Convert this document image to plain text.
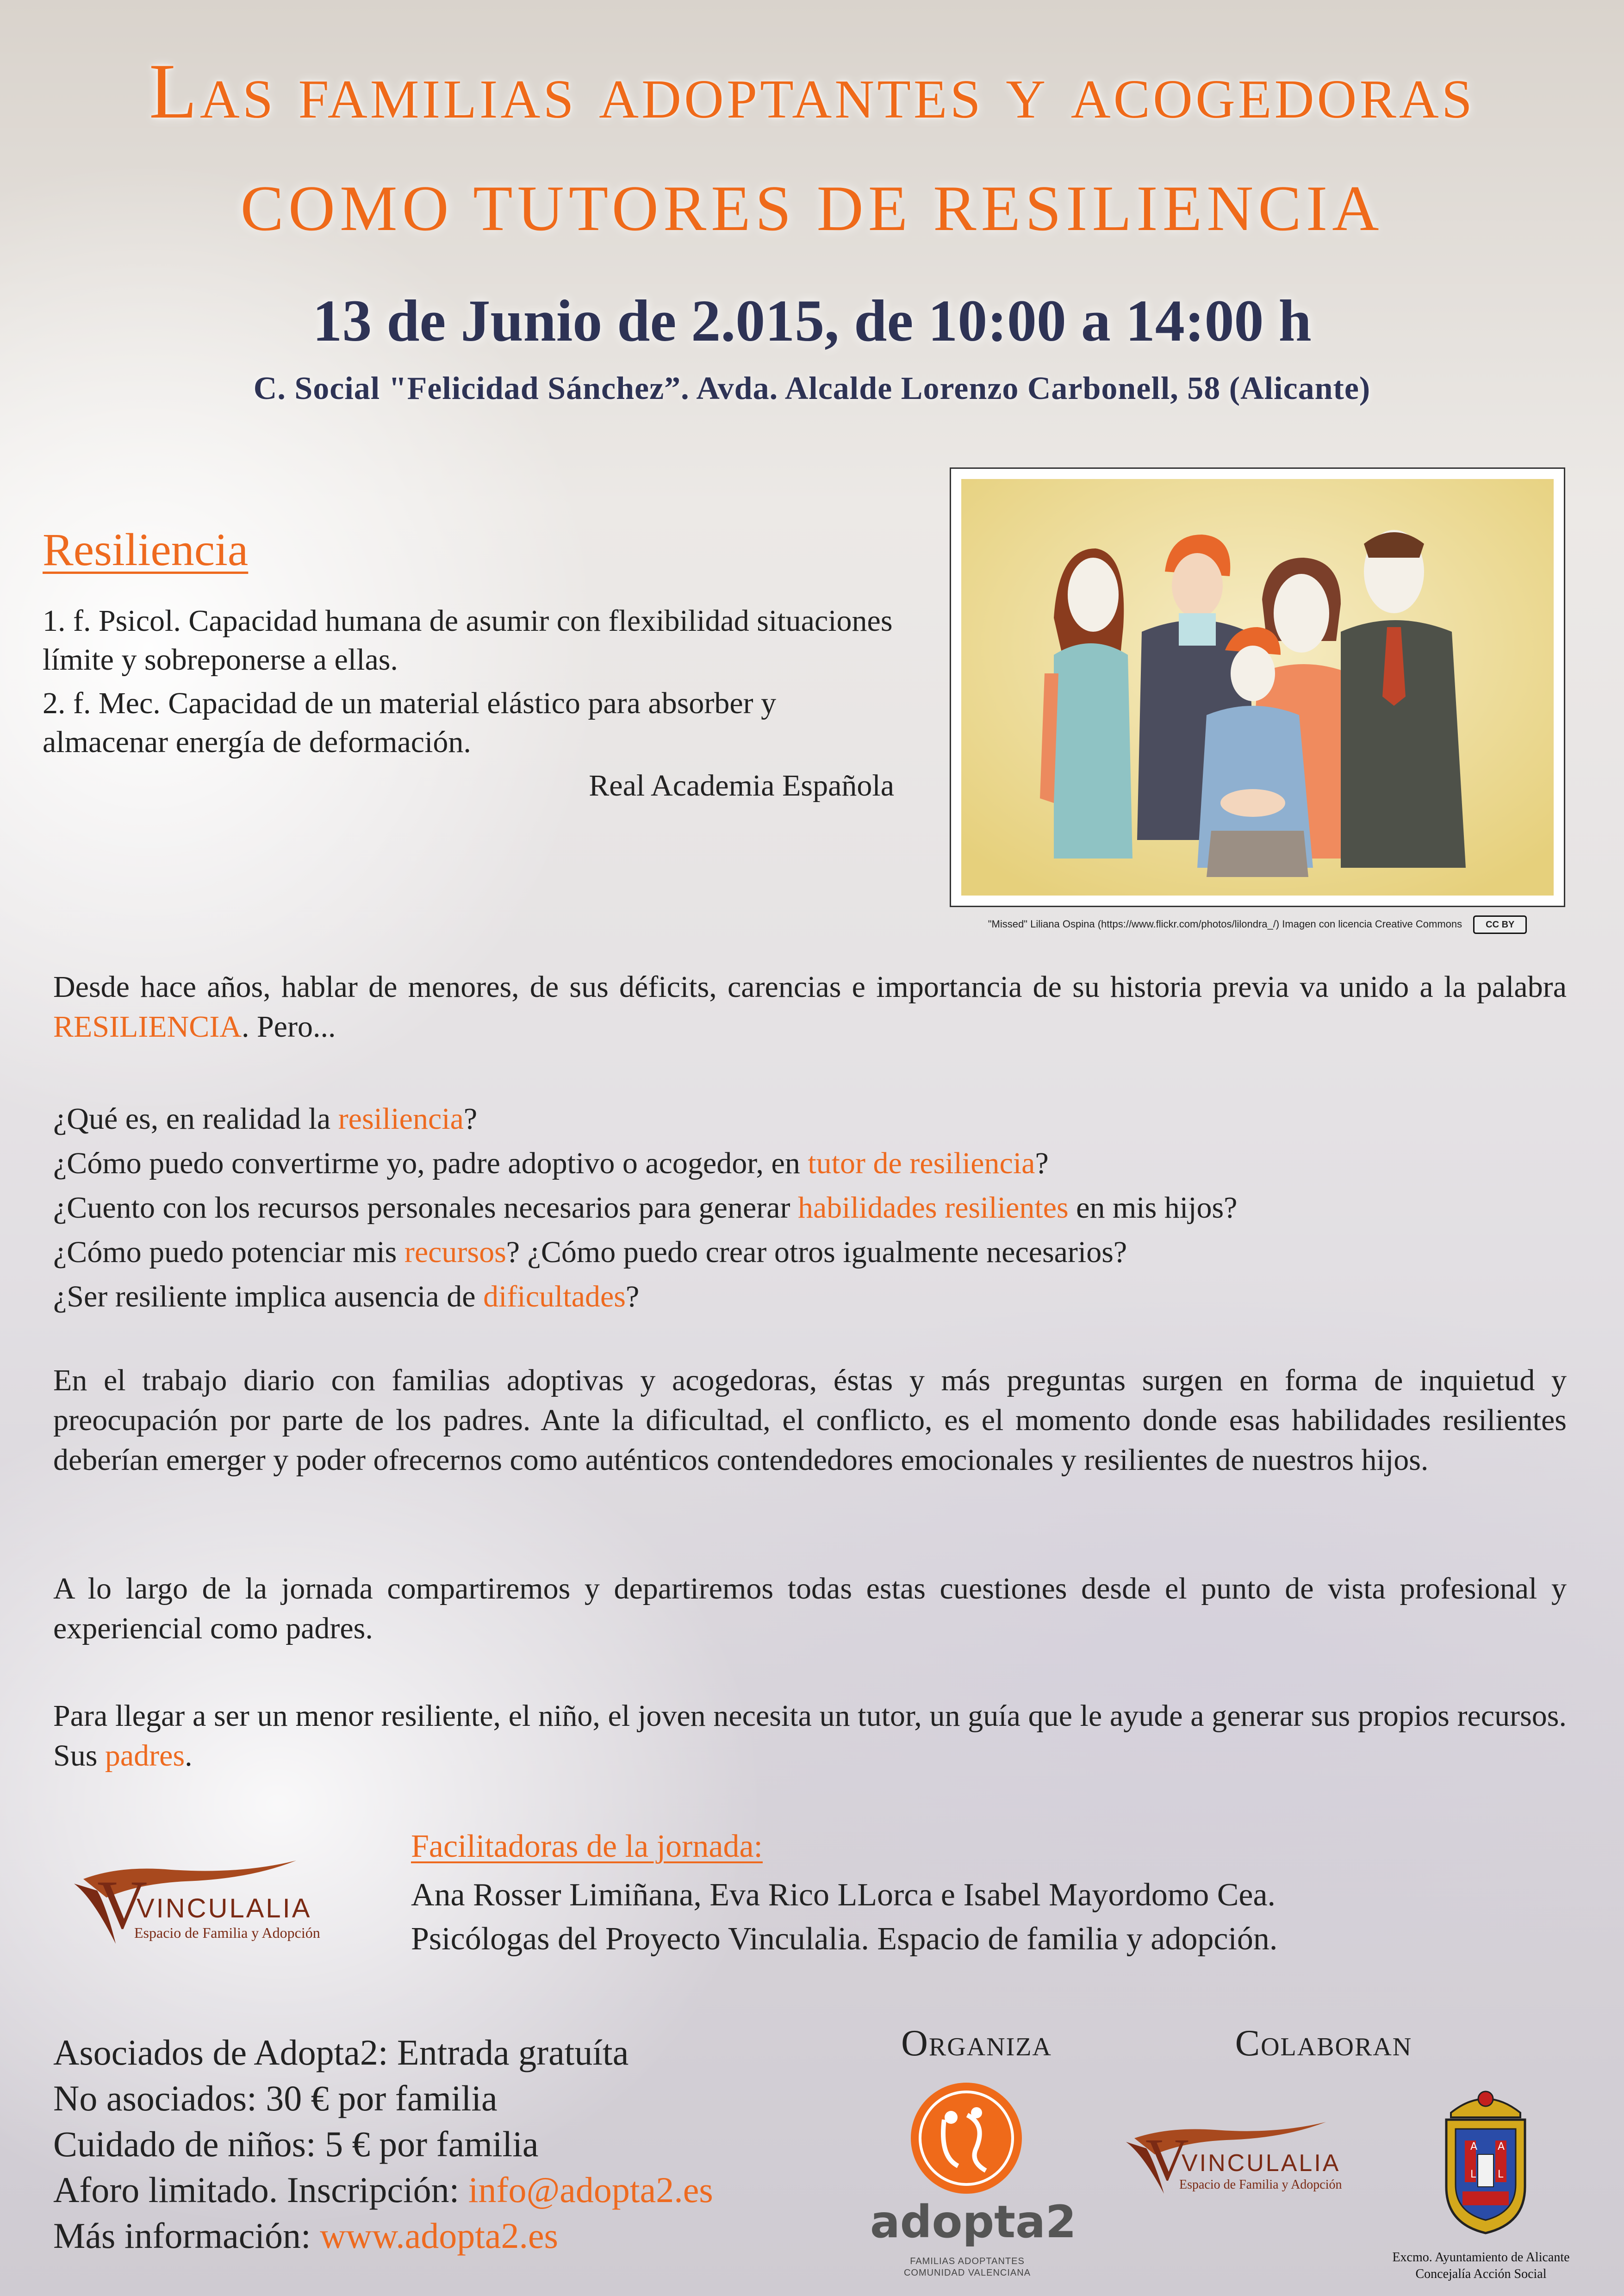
Las familias adoptantes y acogedoras
COMO TUTORES DE RESILIENCIA
13 de Junio de 2.015, de 10:00 a 14:00 h
C. Social "Felicidad Sánchez”. Avda. Alcalde Lorenzo Carbonell, 58 (Alicante)
Resiliencia

1. f. Psicol. Capacidad humana de asumir con flexibilidad situaciones límite y sobreponerse a ellas.

2. f. Mec. Capacidad de un material elástico para absorber y almacenar energía de deformación.

Real Academia Española

"Missed" Liliana Ospina (https://www.flickr.com/photos/lilondra_/) Imagen con licencia Creative Commons	CC BY

Desde hace años, hablar de menores, de sus déficits, carencias e importancia de su historia previa va unido a la palabra RESILIENCIA. Pero...

¿Qué es, en realidad la resiliencia?

¿Cómo puedo convertirme yo, padre adoptivo o acogedor, en tutor de resiliencia?

¿Cuento con los recursos personales necesarios para generar habilidades resilientes en mis hijos?

¿Cómo puedo potenciar mis recursos? ¿Cómo puedo crear otros igualmente necesarios?

¿Ser resiliente implica ausencia de dificultades?

En el trabajo diario con familias adoptivas y acogedoras, éstas y más preguntas surgen en forma de inquietud y preocupación por parte de los padres. Ante la dificultad, el conflicto, es el momento donde esas habilidades resilientes deberían emerger y poder ofrecernos como auténticos contendedores emocionales y resilientes de nuestros hijos.

A lo largo de la jornada compartiremos y departiremos todas estas cuestiones desde el punto de vista profesional y experiencial como padres.

Para llegar a ser un menor resiliente, el niño, el joven necesita un tutor, un guía que le ayude a generar sus propios recursos. Sus padres.

V
VINCULALIA
Espacio de Familia y Adopción
Facilitadoras de la jornada:
Ana Rosser Limiñana, Eva Rico LLorca e Isabel Mayordomo Cea.
Psicólogas del Proyecto Vinculalia. Espacio de familia y adopción.
Asociados de Adopta2: Entrada gratuíta
No asociados: 30 € por familia
Cuidado de niños: 5 € por familia
Aforo limitado. Inscripción: info@adopta2.es
Más información: www.adopta2.es
Organiza
adopta2
FAMILIAS ADOPTANTES
COMUNIDAD VALENCIANA
Colaboran
V
VINCULALIA
Espacio de Familia y Adopción
A A
L L
Excmo. Ayuntamiento de Alicante
Concejalía Acción Social
